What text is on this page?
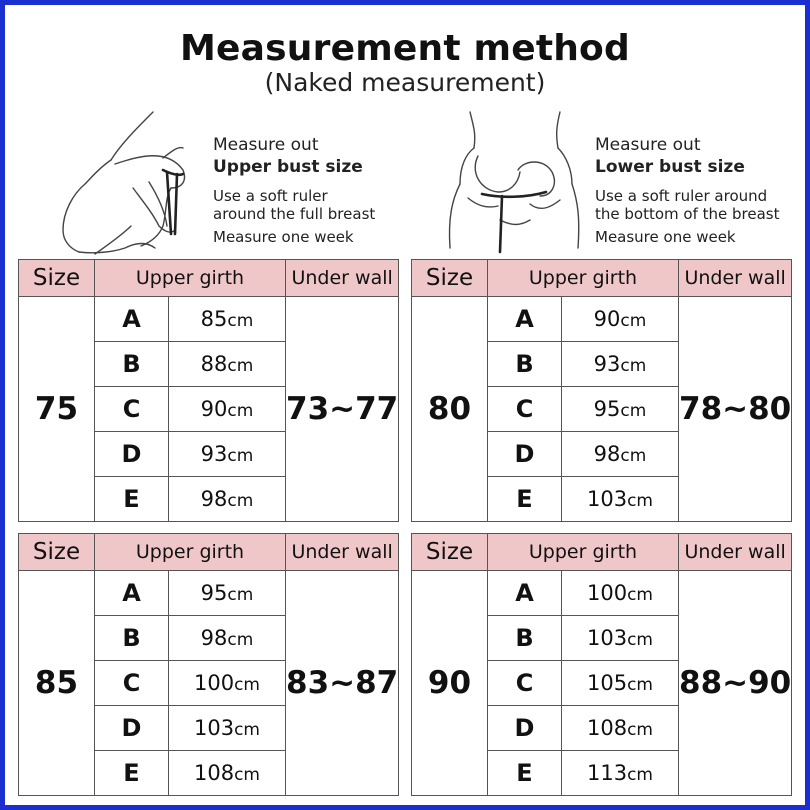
Measurement method
(Naked measurement)
Measure out
Upper bust size
Use a soft ruler
around the full breast
Measure one week
Measure out
Lower bust size
Use a soft ruler around
the bottom of the breast
Measure one week
Size	Upper girth		Under wall
75	A	85cm	73~77
	B	88cm	
	C	90cm	
	D	93cm	
	E	98cm	
Size	Upper girth		Under wall
80	A	90cm	78~80
	B	93cm	
	C	95cm	
	D	98cm	
	E	103cm	
Size	Upper girth		Under wall
85	A	95cm	83~87
	B	98cm	
	C	100cm	
	D	103cm	
	E	108cm	
Size	Upper girth		Under wall
90	A	100cm	88~90
	B	103cm	
	C	105cm	
	D	108cm	
	E	113cm	
